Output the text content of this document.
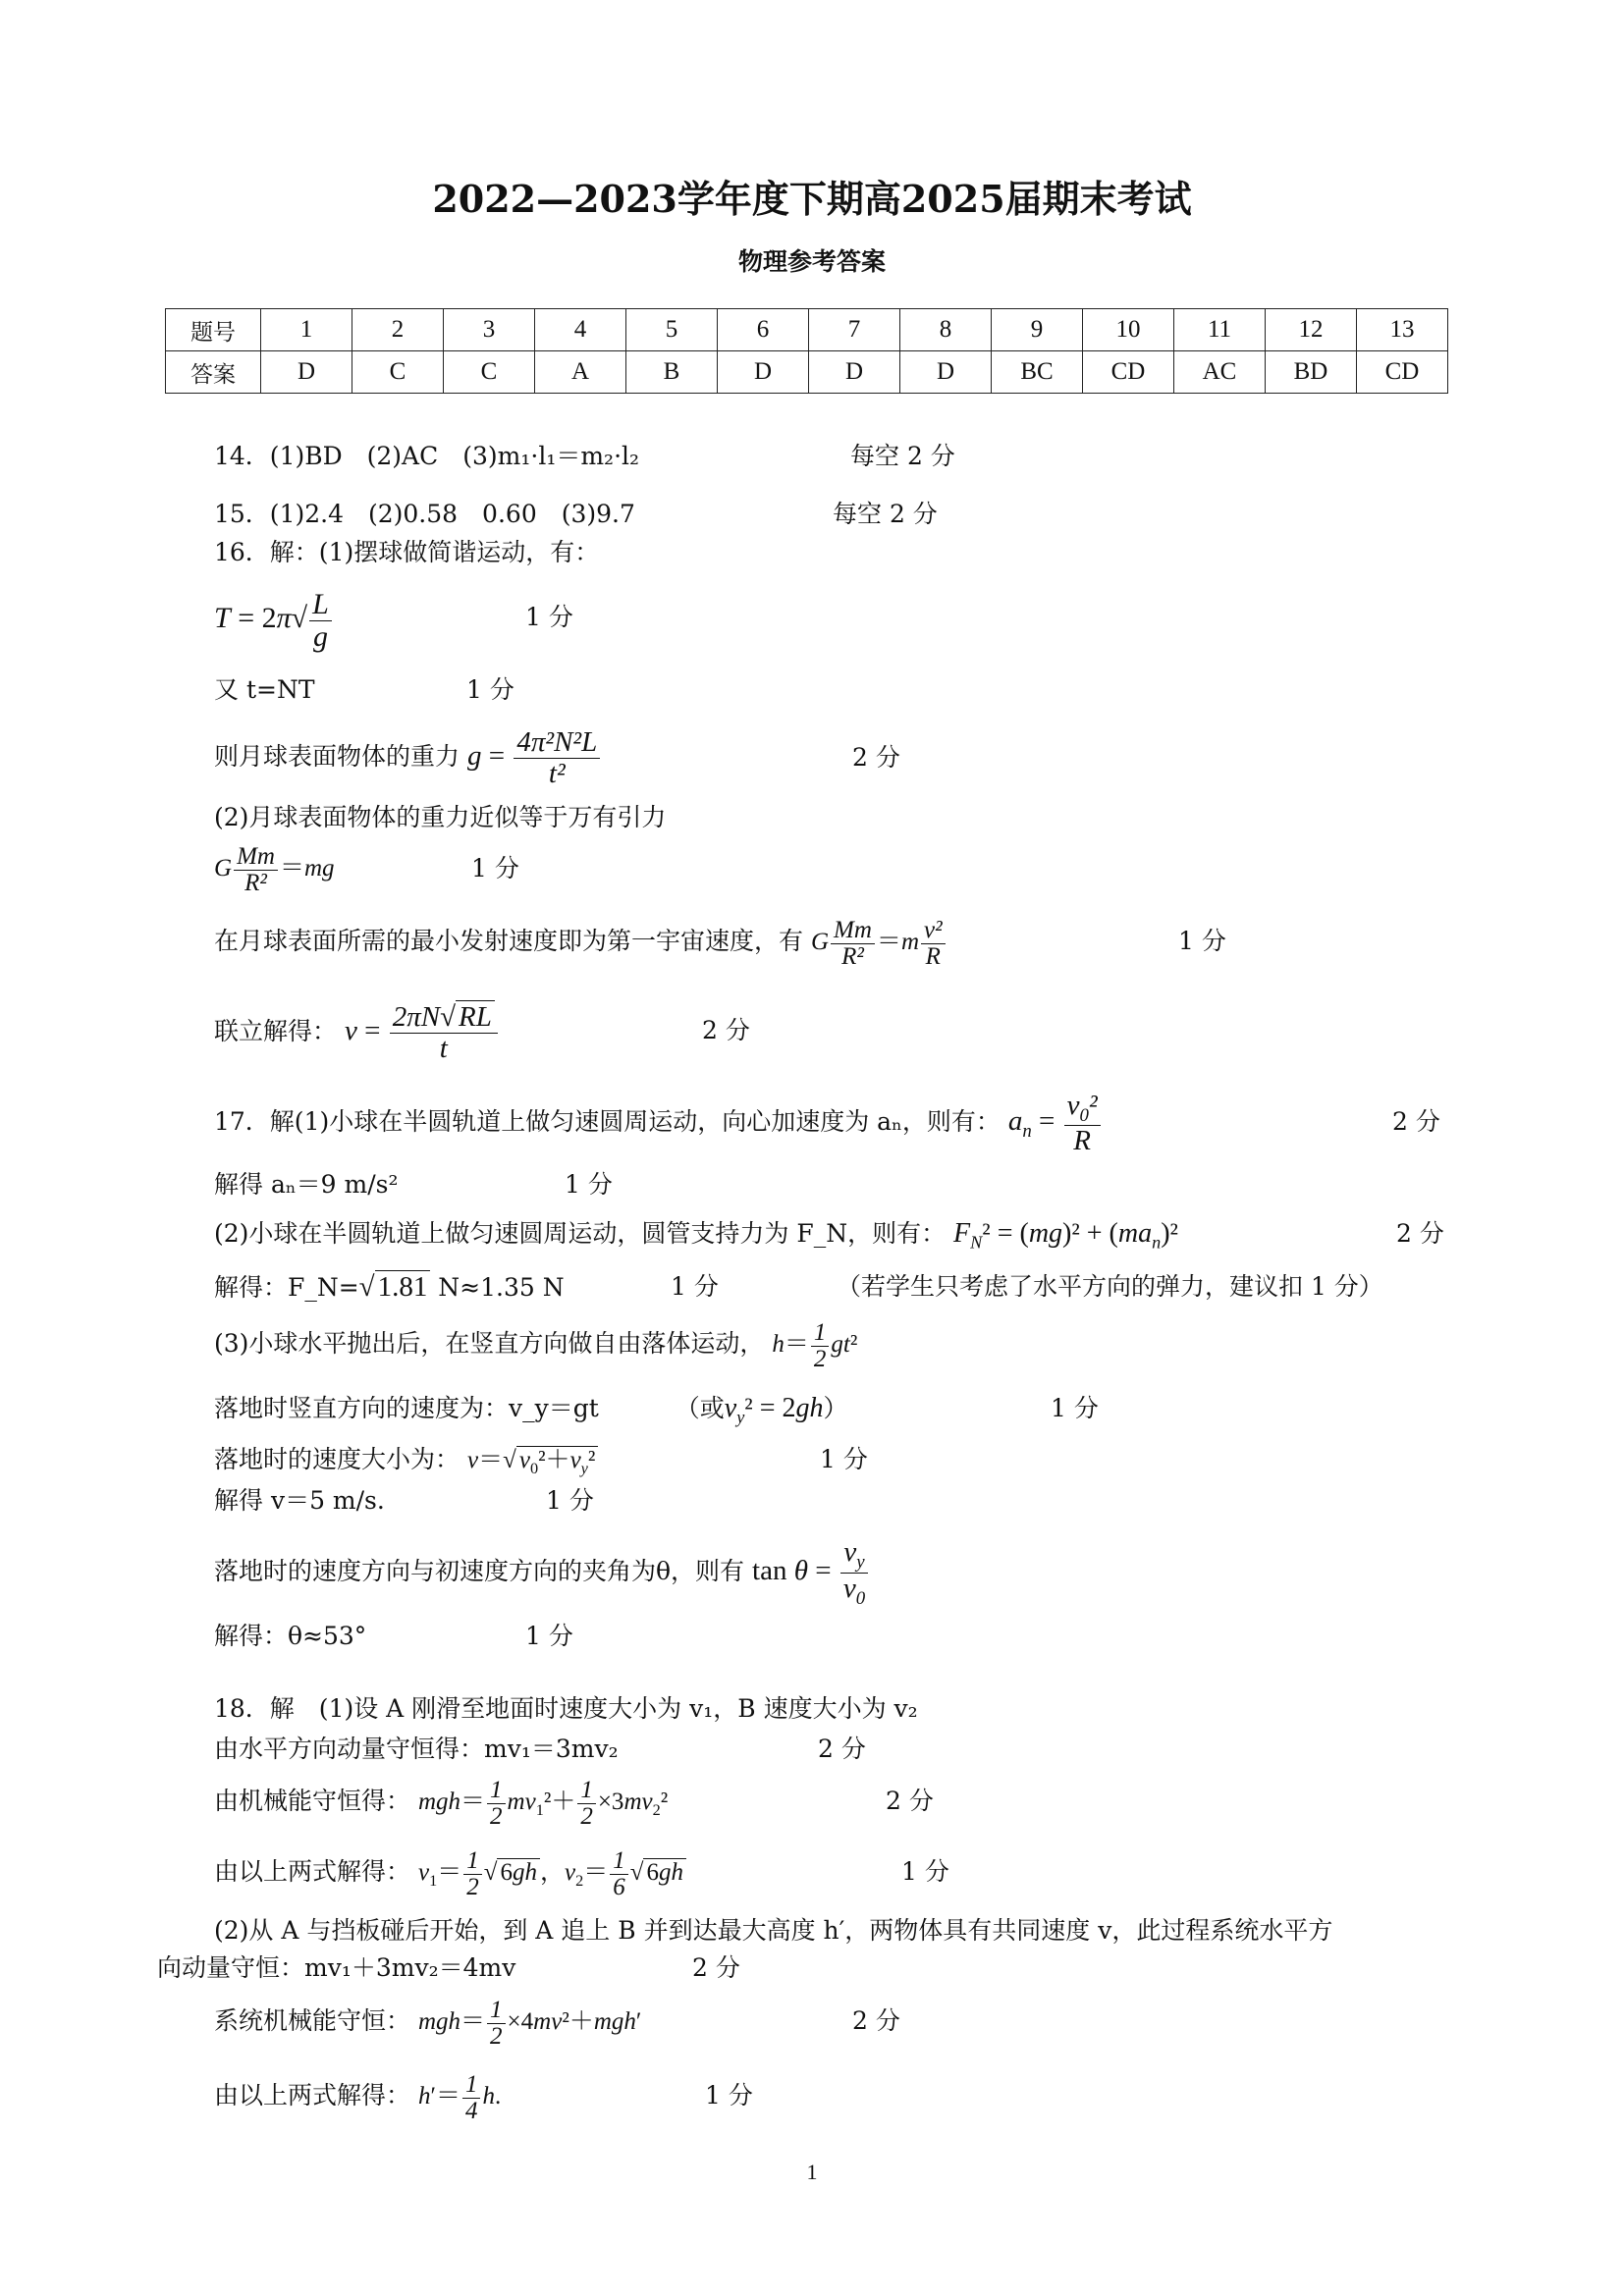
2022—2023学年度下期高2025届期末考试
物理参考答案
题号	1	2	3	4	5	6	7	8	9	10	11	12	13
答案	D	C	C	A	B	D	D	D	BC	CD	AC	BD	CD
14．(1)BD　(2)AC　(3)m₁·l₁＝m₂·l₂	每空 2 分
15．(1)2.4　(2)0.58　0.60　(3)9.7	每空 2 分
16．解：(1)摆球做简谐运动，有：
$T = 2\pi√ \frac{L}{g}$	1 分
又 t=NT	1 分
则月球表面物体的重力 $g = \frac{\text{4π²N²L}}{\text{t²}}$	2 分
(2)月球表面物体的重力近似等于万有引力
G $\frac{Mm}{\text{R²}} =mg$	1 分
在月球表面所需的最小发射速度即为第一宇宙速度，有 G $\frac{Mm}{\text{R²}} =m \frac{\text{v²}}{R}$	1 分
联立解得： $v = \frac{2\pi N√ RL}{t}$	2 分
17．解(1)小球在半圆轨道上做匀速圆周运动，向心加速度为 aₙ，则有： $a_n = \frac{v_0^2}{R}$	2 分
解得 aₙ＝9 m/s²	1 分
(2)小球在半圆轨道上做匀速圆周运动，圆管支持力为 F_N，则有： $F_N^2 = (mg)^2 + (ma_n)^2$	2 分
解得：F_N=√ 1.81 N≈1.35 N	1 分	（若学生只考虑了水平方向的弹力，建议扣 1 分）
(3)小球水平抛出后，在竖直方向做自由落体运动， $h= \frac{1}{2} gt^2$
落地时竖直方向的速度为：v_y＝gt	（或$v_y^2 = 2gh$）	1 分
落地时的速度大小为： v＝√ $v_0^2+v_y^2$	1 分
解得 v＝5 m/s.	1 分
落地时的速度方向与初速度方向的夹角为θ，则有 $\tan \theta = \frac{v_y}{v_0}$
解得：θ≈53°	1 分
18．解　(1)设 A 刚滑至地面时速度大小为 v₁，B 速度大小为 v₂
由水平方向动量守恒得：mv₁＝3mv₂	2 分
由机械能守恒得： $mgh= \frac{1}{2} mv_1^2+ \frac{1}{2} \times 3mv_2^2$	2 分
由以上两式解得： $v_1= \frac{1}{2}$ √ 6gh ，$v_2= \frac{1}{6}$ √ 6gh	1 分
(2)从 A 与挡板碰后开始，到 A 追上 B 并到达最大高度 h′，两物体具有共同速度 v，此过程系统水平方
向动量守恒：mv₁＋3mv₂＝4mv	2 分
系统机械能守恒： $mgh= \frac{1}{2} \times 4mv^2+mgh'$	2 分
由以上两式解得： $h'= \frac{1}{4} h$.	1 分
1
